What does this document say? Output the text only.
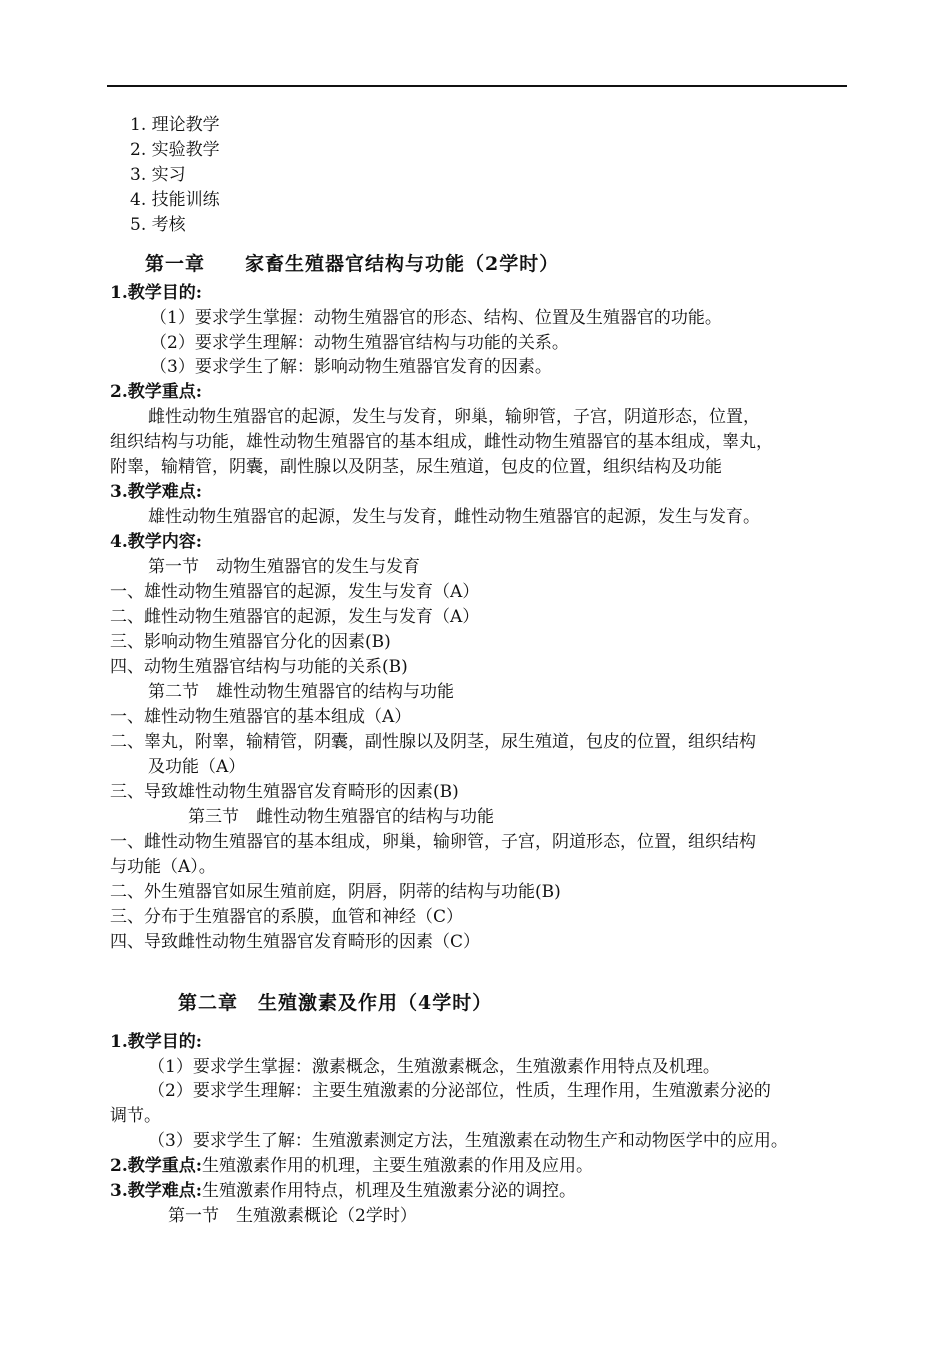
1. 理论教学
2. 实验教学
3. 实习
4. 技能训练
5. 考核
第一章　　家畜生殖器官结构与功能（2学时）
1.教学目的:
（1）要求学生掌握：动物生殖器官的形态、结构、位置及生殖器官的功能。
（2）要求学生理解：动物生殖器官结构与功能的关系。
（3）要求学生了解：影响动物生殖器官发育的因素。
2.教学重点:
雌性动物生殖器官的起源，发生与发育，卵巢，输卵管，子宫，阴道形态，位置，
组织结构与功能，雄性动物生殖器官的基本组成，雌性动物生殖器官的基本组成，睾丸，
附睾，输精管，阴囊，副性腺以及阴茎，尿生殖道，包皮的位置，组织结构及功能
3.教学难点:
雄性动物生殖器官的起源，发生与发育，雌性动物生殖器官的起源，发生与发育。
4.教学内容:
第一节　动物生殖器官的发生与发育
一、雄性动物生殖器官的起源，发生与发育（A）
二、雌性动物生殖器官的起源，发生与发育（A）
三、影响动物生殖器官分化的因素(B)
四、动物生殖器官结构与功能的关系(B)
第二节　雄性动物生殖器官的结构与功能
一、雄性动物生殖器官的基本组成（A）
二、睾丸，附睾，输精管，阴囊，副性腺以及阴茎，尿生殖道，包皮的位置，组织结构
及功能（A）
三、导致雄性动物生殖器官发育畸形的因素(B)
第三节　雌性动物生殖器官的结构与功能
一、雌性动物生殖器官的基本组成，卵巢，输卵管，子宫，阴道形态，位置，组织结构
与功能（A）。
二、外生殖器官如尿生殖前庭，阴唇，阴蒂的结构与功能(B)
三、分布于生殖器官的系膜，血管和神经（C）
四、导致雌性动物生殖器官发育畸形的因素（C）
第二章　生殖激素及作用（4学时）
1.教学目的:
（1）要求学生掌握：激素概念，生殖激素概念，生殖激素作用特点及机理。
（2）要求学生理解：主要生殖激素的分泌部位，性质，生理作用，生殖激素分泌的
调节。
（3）要求学生了解：生殖激素测定方法，生殖激素在动物生产和动物医学中的应用。
2.教学重点:生殖激素作用的机理，主要生殖激素的作用及应用。
3.教学难点:生殖激素作用特点，机理及生殖激素分泌的调控。
第一节　生殖激素概论（2学时）
